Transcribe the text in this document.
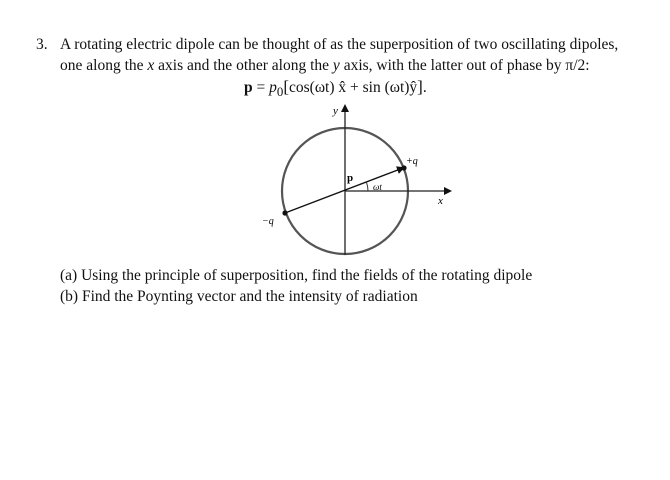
3. A rotating electric dipole can be thought of as the superposition of two oscillating dipoles,
one along the x axis and the other along the y axis, with the latter out of phase by π/2:
$p = p_0[\cos(\omega t)$ x̂ + sin (ωt)ŷ].
y
x
p
ωt
+q
−q
(a) Using the principle of superposition, find the fields of the rotating dipole
(b) Find the Poynting vector and the intensity of radiation
